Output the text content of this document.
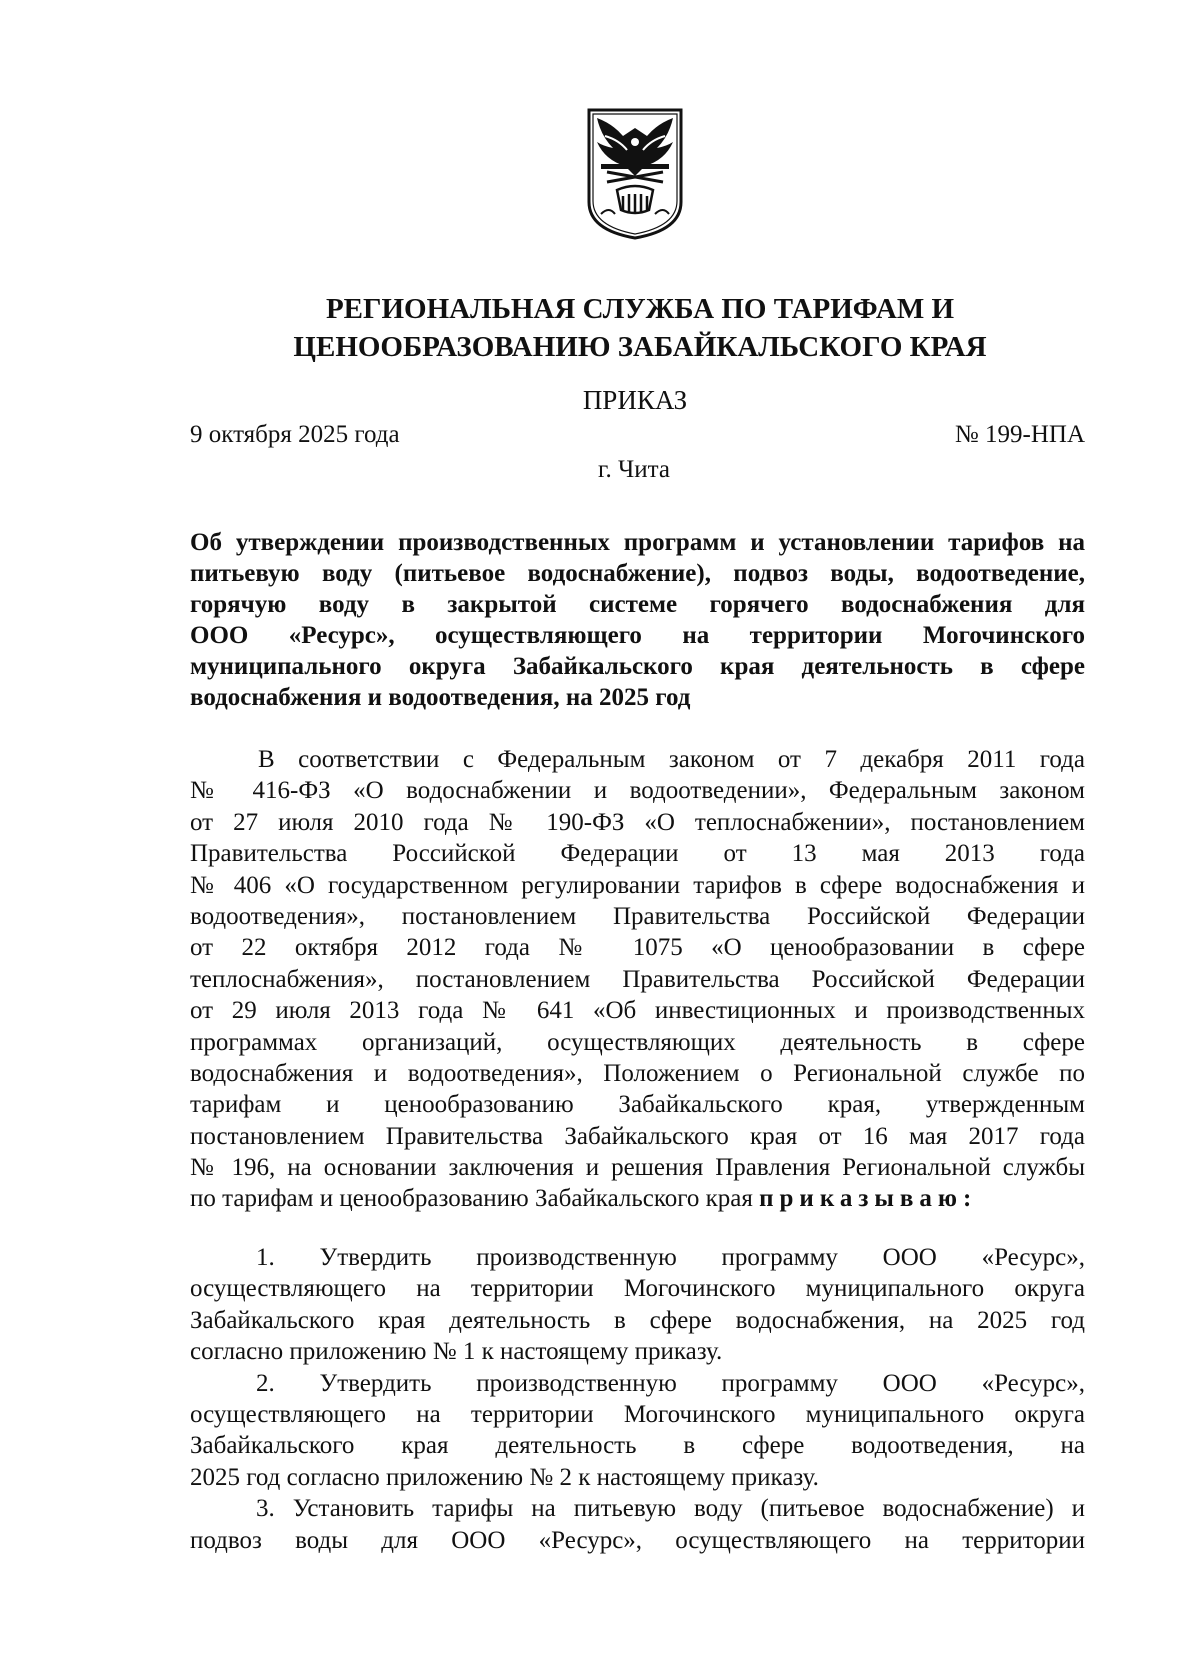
РЕГИОНАЛЬНАЯ СЛУЖБА ПО ТАРИФАМ И
ЦЕНООБРАЗОВАНИЮ ЗАБАЙКАЛЬСКОГО КРАЯ
ПРИКАЗ
9 октября 2025 года	№ 199-НПА
г. Чита
Об утверждении производственных программ и установлении тарифов на
питьевую воду (питьевое водоснабжение), подвоз воды, водоотведение,
горячую воду в закрытой системе горячего водоснабжения для
ООО «Ресурс», осуществляющего на территории Могочинского
муниципального округа Забайкальского края деятельность в сфере
водоснабжения и водоотведения, на 2025 год
В соответствии с Федеральным законом от 7 декабря 2011 года
№ 416-ФЗ «О водоснабжении и водоотведении», Федеральным законом
от 27 июля 2010 года № 190-ФЗ «О теплоснабжении», постановлением
Правительства Российской Федерации от 13 мая 2013 года
№ 406 «О государственном регулировании тарифов в сфере водоснабжения и
водоотведения», постановлением Правительства Российской Федерации
от 22 октября 2012 года № 1075 «О ценообразовании в сфере
теплоснабжения», постановлением Правительства Российской Федерации
от 29 июля 2013 года № 641 «Об инвестиционных и производственных
программах организаций, осуществляющих деятельность в сфере
водоснабжения и водоотведения», Положением о Региональной службе по
тарифам и ценообразованию Забайкальского края, утвержденным
постановлением Правительства Забайкальского края от 16 мая 2017 года
№ 196, на основании заключения и решения Правления Региональной службы
по тарифам и ценообразованию Забайкальского края приказываю:
1. Утвердить производственную программу ООО «Ресурс»,
осуществляющего на территории Могочинского муниципального округа
Забайкальского края деятельность в сфере водоснабжения, на 2025 год
согласно приложению № 1 к настоящему приказу.
2. Утвердить производственную программу ООО «Ресурс»,
осуществляющего на территории Могочинского муниципального округа
Забайкальского края деятельность в сфере водоотведения, на
2025 год согласно приложению № 2 к настоящему приказу.
3. Установить тарифы на питьевую воду (питьевое водоснабжение) и
подвоз воды для ООО «Ресурс», осуществляющего на территории
